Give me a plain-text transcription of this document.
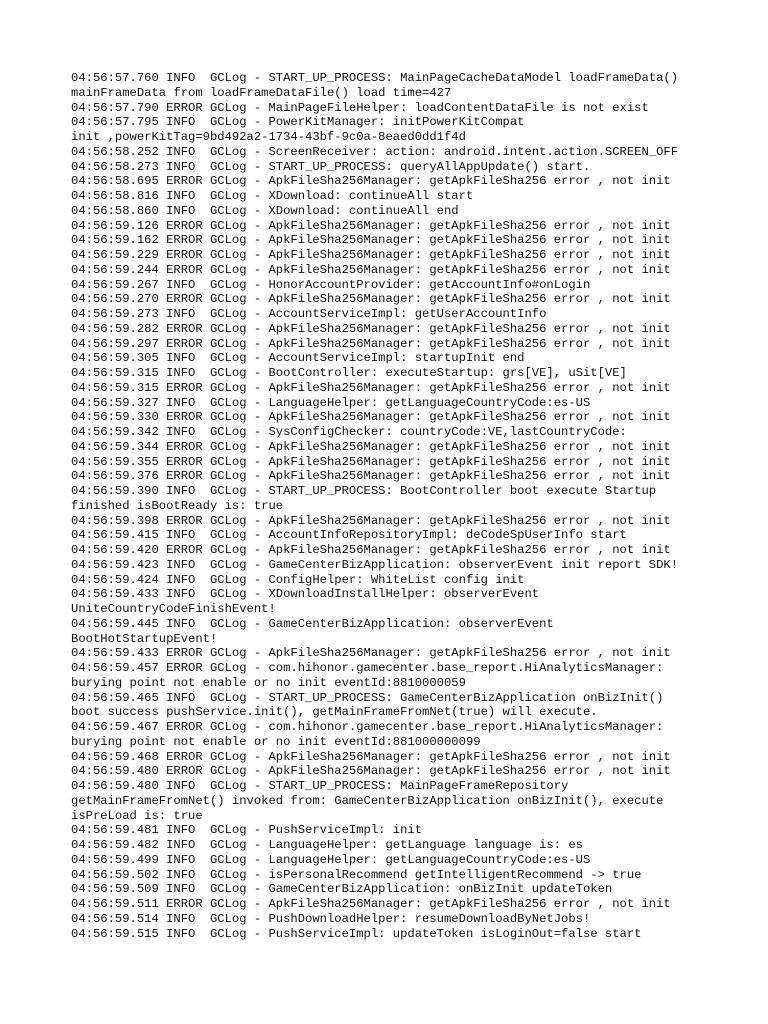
04:56:57.760 INFO  GCLog - START_UP_PROCESS: MainPageCacheDataModel loadFrameData()
mainFrameData from loadFrameDataFile() load time=427
04:56:57.790 ERROR GCLog - MainPageFileHelper: loadContentDataFile is not exist
04:56:57.795 INFO  GCLog - PowerKitManager: initPowerKitCompat
init ,powerKitTag=9bd492a2-1734-43bf-9c0a-8eaed0dd1f4d
04:56:58.252 INFO  GCLog - ScreenReceiver: action: android.intent.action.SCREEN_OFF
04:56:58.273 INFO  GCLog - START_UP_PROCESS: queryAllAppUpdate() start.
04:56:58.695 ERROR GCLog - ApkFileSha256Manager: getApkFileSha256 error , not init
04:56:58.816 INFO  GCLog - XDownload: continueAll start
04:56:58.860 INFO  GCLog - XDownload: continueAll end
04:56:59.126 ERROR GCLog - ApkFileSha256Manager: getApkFileSha256 error , not init
04:56:59.162 ERROR GCLog - ApkFileSha256Manager: getApkFileSha256 error , not init
04:56:59.229 ERROR GCLog - ApkFileSha256Manager: getApkFileSha256 error , not init
04:56:59.244 ERROR GCLog - ApkFileSha256Manager: getApkFileSha256 error , not init
04:56:59.267 INFO  GCLog - HonorAccountProvider: getAccountInfo#onLogin
04:56:59.270 ERROR GCLog - ApkFileSha256Manager: getApkFileSha256 error , not init
04:56:59.273 INFO  GCLog - AccountServiceImpl: getUserAccountInfo
04:56:59.282 ERROR GCLog - ApkFileSha256Manager: getApkFileSha256 error , not init
04:56:59.297 ERROR GCLog - ApkFileSha256Manager: getApkFileSha256 error , not init
04:56:59.305 INFO  GCLog - AccountServiceImpl: startupInit end
04:56:59.315 INFO  GCLog - BootController: executeStartup: grs[VE], uSit[VE]
04:56:59.315 ERROR GCLog - ApkFileSha256Manager: getApkFileSha256 error , not init
04:56:59.327 INFO  GCLog - LanguageHelper: getLanguageCountryCode:es-US
04:56:59.330 ERROR GCLog - ApkFileSha256Manager: getApkFileSha256 error , not init
04:56:59.342 INFO  GCLog - SysConfigChecker: countryCode:VE,lastCountryCode:
04:56:59.344 ERROR GCLog - ApkFileSha256Manager: getApkFileSha256 error , not init
04:56:59.355 ERROR GCLog - ApkFileSha256Manager: getApkFileSha256 error , not init
04:56:59.376 ERROR GCLog - ApkFileSha256Manager: getApkFileSha256 error , not init
04:56:59.390 INFO  GCLog - START_UP_PROCESS: BootController boot execute Startup
finished isBootReady is: true
04:56:59.398 ERROR GCLog - ApkFileSha256Manager: getApkFileSha256 error , not init
04:56:59.415 INFO  GCLog - AccountInfoRepositoryImpl: deCodeSpUserInfo start
04:56:59.420 ERROR GCLog - ApkFileSha256Manager: getApkFileSha256 error , not init
04:56:59.423 INFO  GCLog - GameCenterBizApplication: observerEvent init report SDK!
04:56:59.424 INFO  GCLog - ConfigHelper: WhiteList config init
04:56:59.433 INFO  GCLog - XDownloadInstallHelper: observerEvent
UniteCountryCodeFinishEvent!
04:56:59.445 INFO  GCLog - GameCenterBizApplication: observerEvent
BootHotStartupEvent!
04:56:59.433 ERROR GCLog - ApkFileSha256Manager: getApkFileSha256 error , not init
04:56:59.457 ERROR GCLog - com.hihonor.gamecenter.base_report.HiAnalyticsManager:
burying point not enable or no init eventId:8810000059
04:56:59.465 INFO  GCLog - START_UP_PROCESS: GameCenterBizApplication onBizInit()
boot success pushService.init(), getMainFrameFromNet(true) will execute.
04:56:59.467 ERROR GCLog - com.hihonor.gamecenter.base_report.HiAnalyticsManager:
burying point not enable or no init eventId:881000000099
04:56:59.468 ERROR GCLog - ApkFileSha256Manager: getApkFileSha256 error , not init
04:56:59.480 ERROR GCLog - ApkFileSha256Manager: getApkFileSha256 error , not init
04:56:59.480 INFO  GCLog - START_UP_PROCESS: MainPageFrameRepository
getMainFrameFromNet() invoked from: GameCenterBizApplication onBizInit(), execute
isPreLoad is: true
04:56:59.481 INFO  GCLog - PushServiceImpl: init
04:56:59.482 INFO  GCLog - LanguageHelper: getLanguage language is: es
04:56:59.499 INFO  GCLog - LanguageHelper: getLanguageCountryCode:es-US
04:56:59.502 INFO  GCLog - isPersonalRecommend getIntelligentRecommend -> true
04:56:59.509 INFO  GCLog - GameCenterBizApplication: onBizInit updateToken
04:56:59.511 ERROR GCLog - ApkFileSha256Manager: getApkFileSha256 error , not init
04:56:59.514 INFO  GCLog - PushDownloadHelper: resumeDownloadByNetJobs!
04:56:59.515 INFO  GCLog - PushServiceImpl: updateToken isLoginOut=false start
